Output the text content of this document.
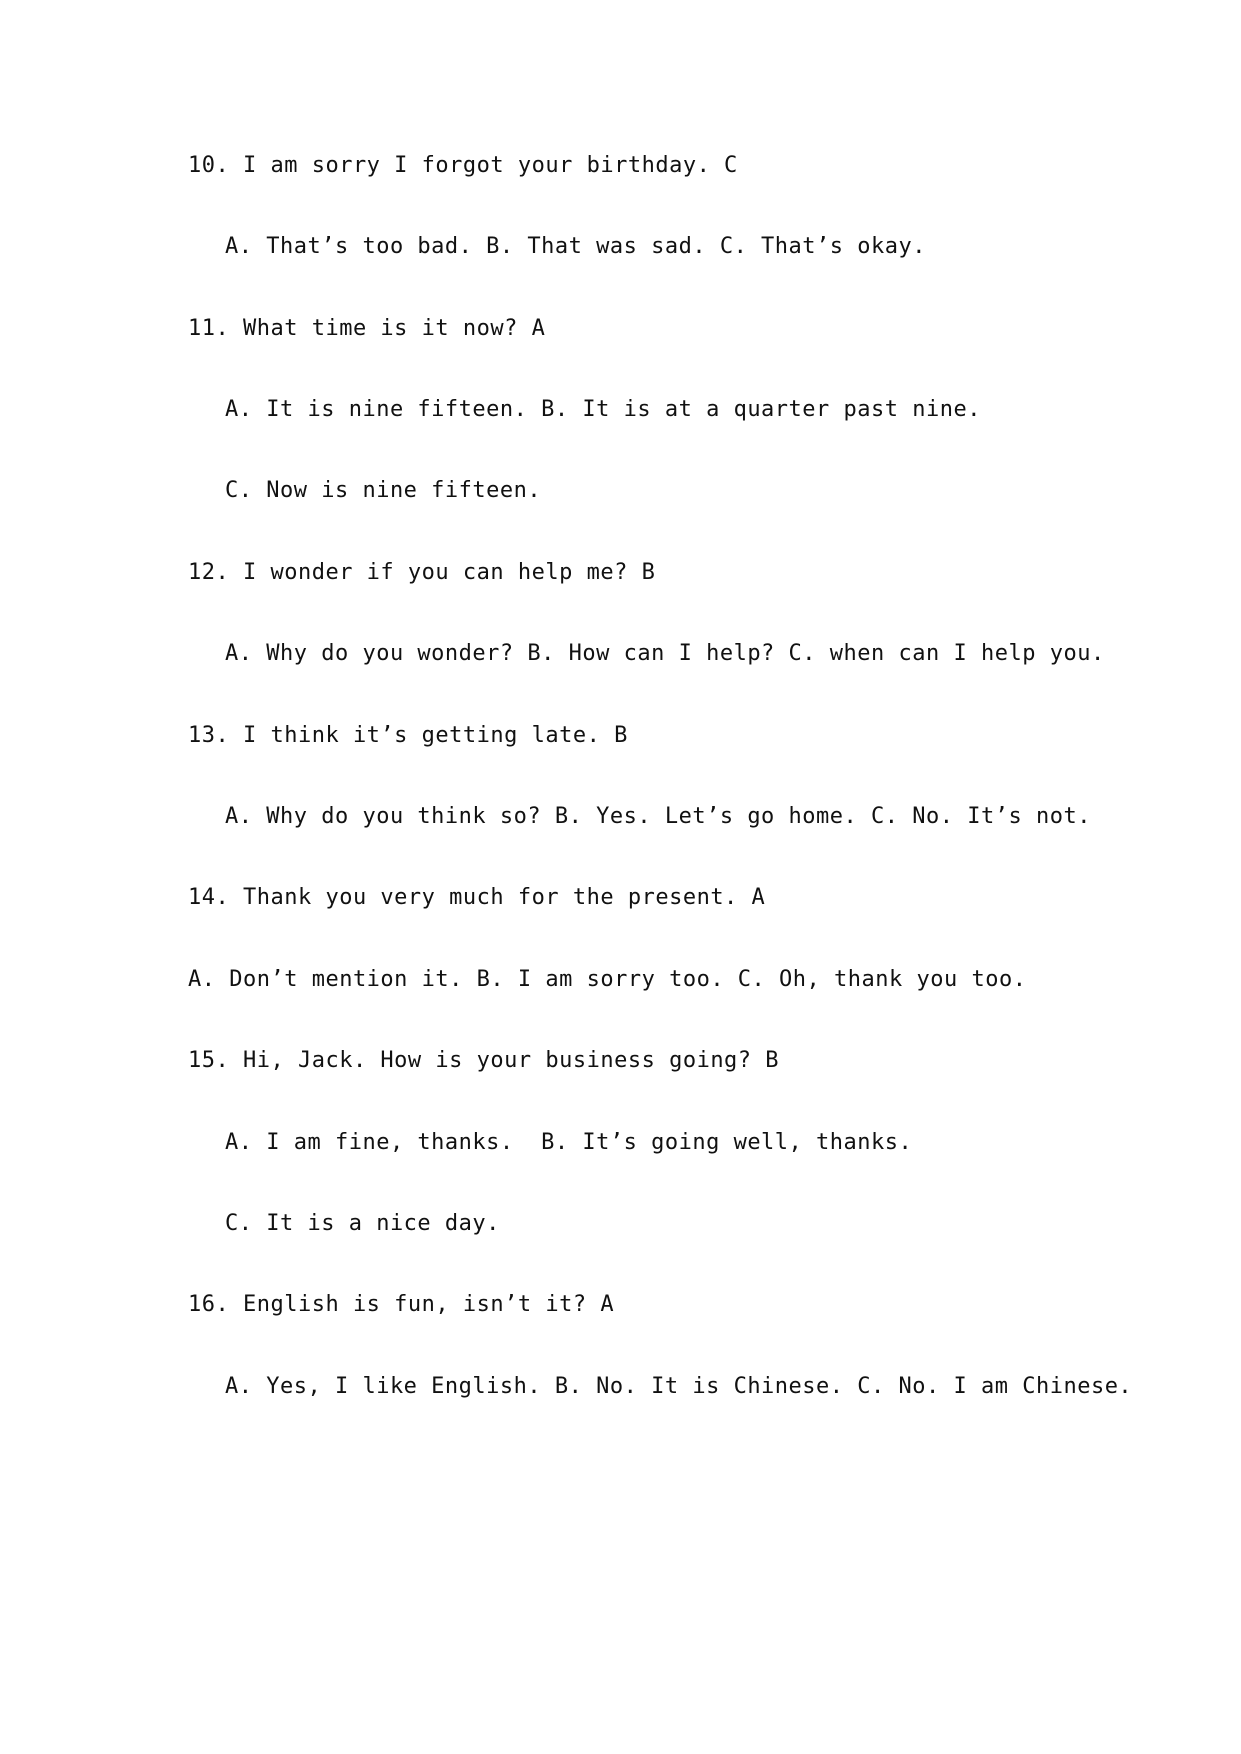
10. I am sorry I forgot your birthday. C
A. That’s too bad. B. That was sad. C. That’s okay.
11. What time is it now? A
A. It is nine fifteen. B. It is at a quarter past nine.
C. Now is nine fifteen.
12. I wonder if you can help me? B
A. Why do you wonder? B. How can I help? C. when can I help you.
13. I think it’s getting late. B
A. Why do you think so? B. Yes. Let’s go home. C. No. It’s not.
14. Thank you very much for the present. A
A. Don’t mention it. B. I am sorry too. C. Oh, thank you too.
15. Hi, Jack. How is your business going? B
A. I am fine, thanks.  B. It’s going well, thanks.
C. It is a nice day.
16. English is fun, isn’t it? A
A. Yes, I like English. B. No. It is Chinese. C. No. I am Chinese.
